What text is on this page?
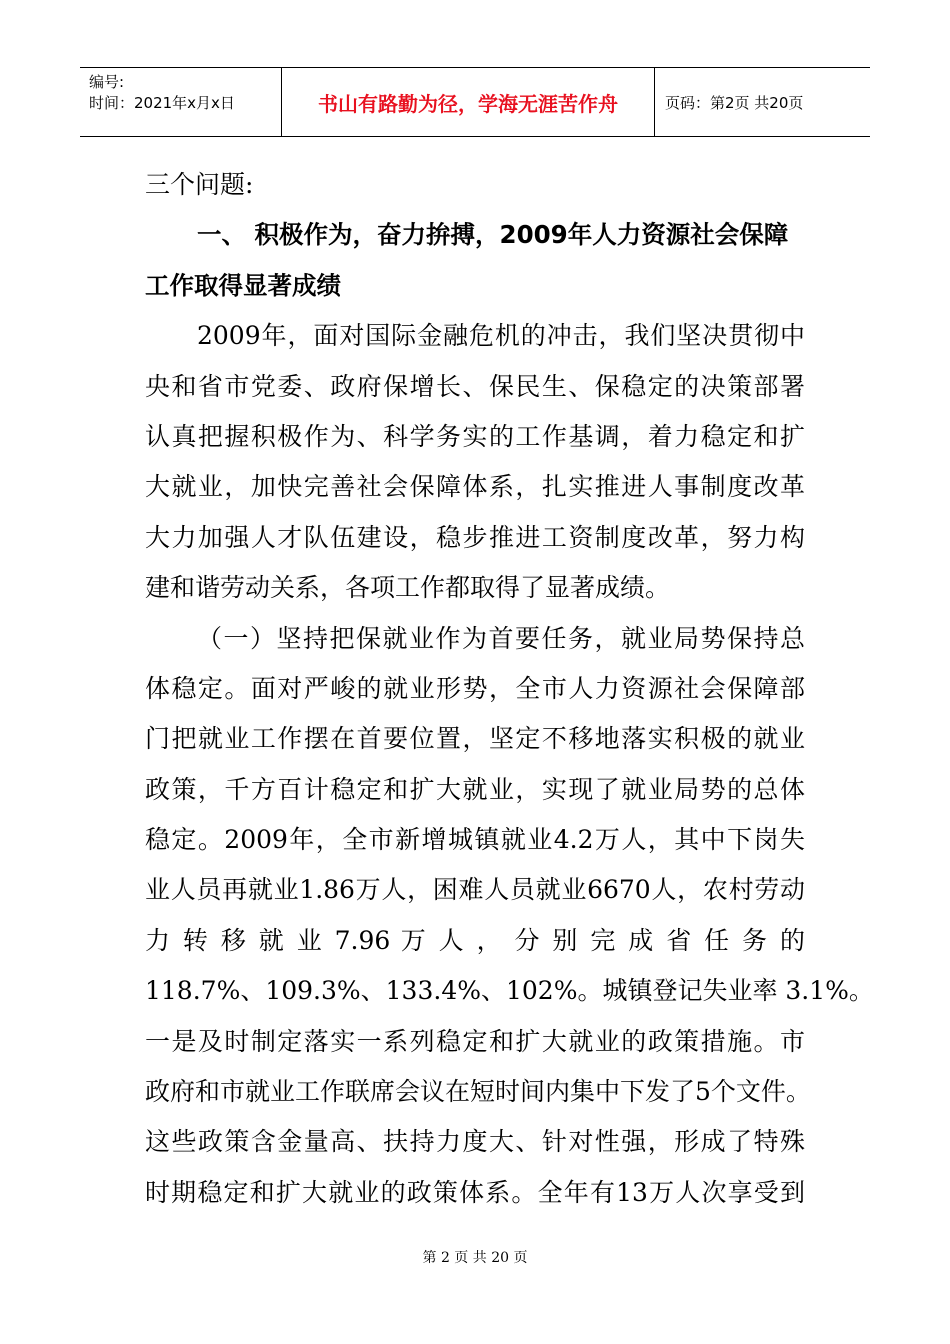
编号:
时间：2021年x月x日	书山有路勤为径，学海无涯苦作舟	页码：第2页 共20页
三个问题:
一、 积极作为，奋力拚搏，2009年人力资源社会保障
工作取得显著成绩
2009年，面对国际金融危机的冲击，我们坚决贯彻中
央和省市党委、政府保增长、保民生、保稳定的决策部署
认真把握积极作为、科学务实的工作基调，着力稳定和扩
大就业，加快完善社会保障体系，扎实推进人事制度改革
大力加强人才队伍建设，稳步推进工资制度改革，努力构
建和谐劳动关系，各项工作都取得了显著成绩。
（一）坚持把保就业作为首要任务，就业局势保持总
体稳定。面对严峻的就业形势，全市人力资源社会保障部
门把就业工作摆在首要位置，坚定不移地落实积极的就业
政策，千方百计稳定和扩大就业，实现了就业局势的总体
稳定。2009年，全市新增城镇就业4.2万人，其中下岗失
业人员再就业1.86万人，困难人员就业6670人，农村劳动
力 转 移 就 业 7.96 万 人 ， 分 别 完 成 省 任 务 的
118.7%、109.3%、133.4%、102%。城镇登记失业率 3.1%。
一是及时制定落实一系列稳定和扩大就业的政策措施。市
政府和市就业工作联席会议在短时间内集中下发了5个文件。
这些政策含金量高、扶持力度大、针对性强，形成了特殊
时期稳定和扩大就业的政策体系。全年有13万人次享受到
第 2 页 共 20 页
